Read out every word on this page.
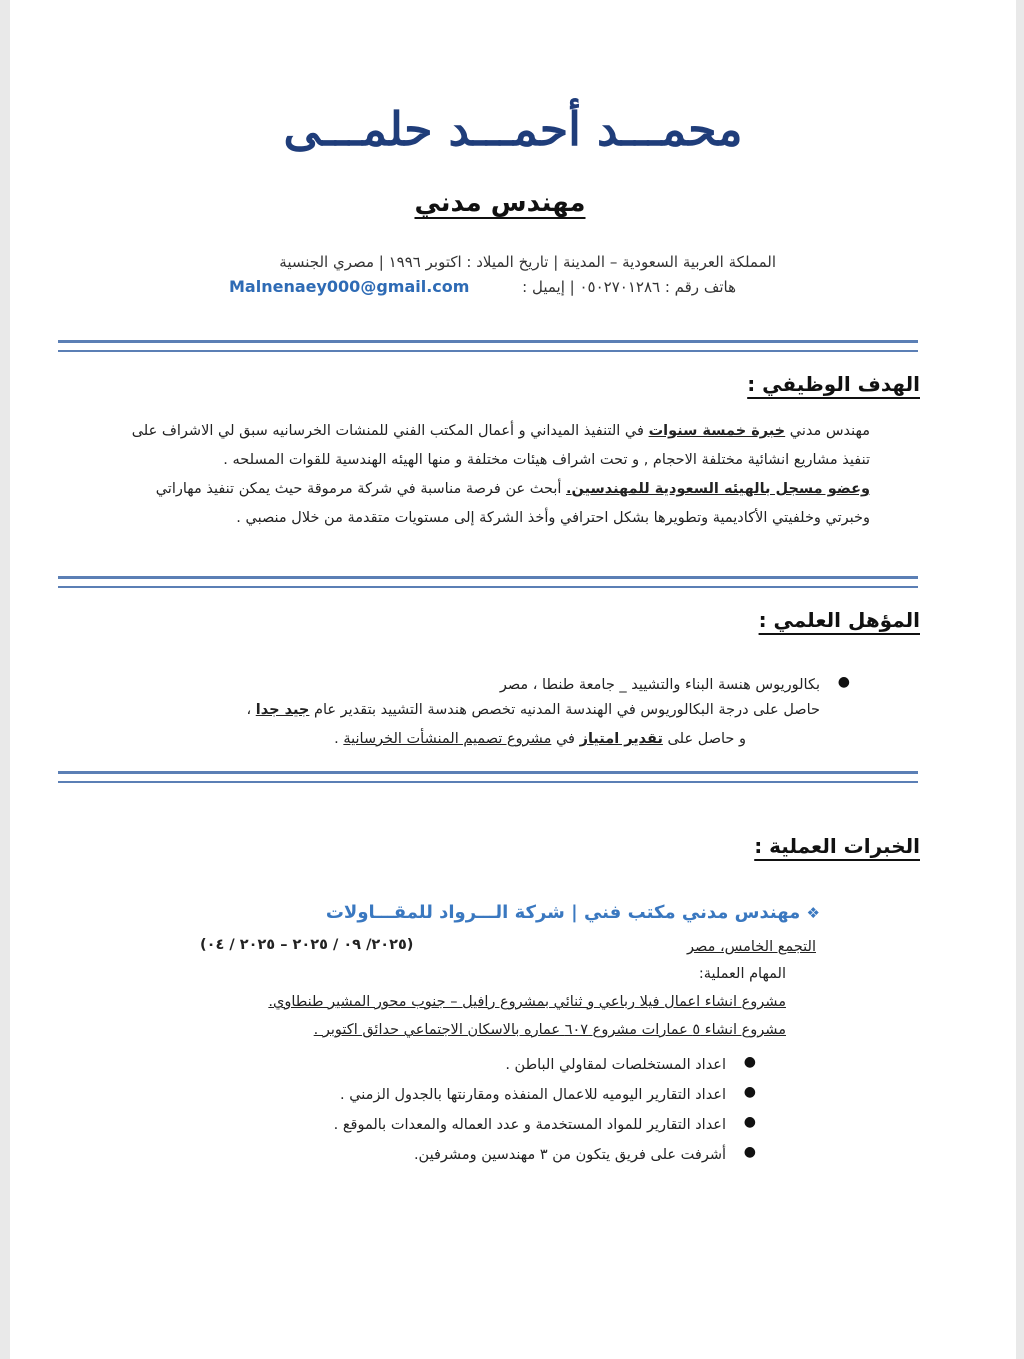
محمـــد أحمـــد حلمـــى
مهندس مدني
المملكة العربية السعودية – المدينة | تاريخ الميلاد : اكتوبر ١٩٩٦ | مصري الجنسية
هاتف رقم : ٠٥٠٢٧٠١٢٨٦ | إيميل :
Malnenaey000@gmail.com
الهدف الوظيفي :
مهندس مدني خبرة خمسة سنوات في التنفيذ الميداني و أعمال المكتب الفني للمنشات الخرسانيه سبق لي الاشراف على
تنفيذ مشاريع انشائية مختلفة الاحجام , و تحت اشراف هيئات مختلفة و منها الهيئه الهندسية للقوات المسلحه .
وعضو مسجل بالهيئه السعودية للمهندسين. أبحث عن فرصة مناسبة في شركة مرموقة حيث يمكن تنفيذ مهاراتي
وخبرتي وخلفيتي الأكاديمية وتطويرها بشكل احترافي وأخذ الشركة إلى مستويات متقدمة من خلال منصبي .
المؤهل العلمي :
●
بكالوريوس هنسة البناء والتشييد _ جامعة طنطا ، مصر
حاصل على درجة البكالوريوس في الهندسة المدنيه تخصص هندسة التشييد بتقدير عام جيد جدا ،
و حاصل على تقدير امتياز في مشروع تصميم المنشأت الخرسانية .
الخبرات العملية :
❖ مهندس مدني مكتب فني | شركة الـــرواد للمقـــاولات
التجمع الخامس، مصر
(٢٠٢٥/ ٠٩ / ٢٠٢٥ – ٢٠٢٥ / ٠٤)
المهام العملية:
مشروع انشاء اعمال فيلا رباعي و ثنائي بمشروع رافيل – جنوب محور المشير طنطاوي.
مشروع انشاء ٥ عمارات مشروع ٦٠٧ عماره بالاسكان الاجتماعي حدائق اكتوبر .
●
اعداد المستخلصات لمقاولي الباطن .
●
اعداد التقارير اليوميه للاعمال المنفذه ومقارنتها بالجدول الزمني .
●
اعداد التقارير للمواد المستخدمة و عدد العماله والمعدات بالموقع .
●
أشرفت على فريق يتكون من ٣ مهندسين ومشرفين.
